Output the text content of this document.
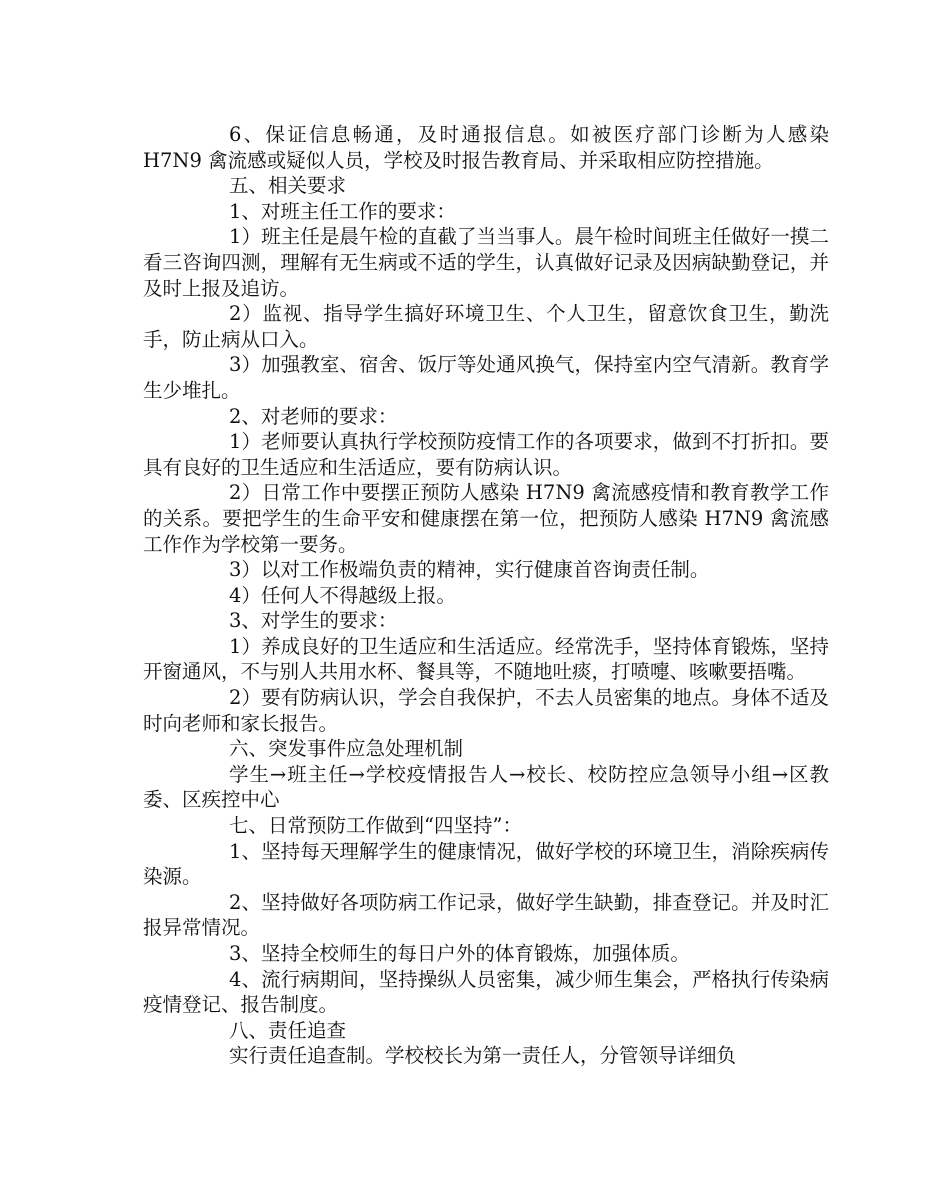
6、保证信息畅通，及时通报信息。如被医疗部门诊断为人感染 H7N9 禽流感或疑似人员，学校及时报告教育局、并采取相应防控措施。

五、相关要求

1、对班主任工作的要求：

1）班主任是晨午检的直截了当当事人。晨午检时间班主任做好一摸二看三咨询四测，理解有无生病或不适的学生，认真做好记录及因病缺勤登记，并及时上报及追访。

2）监视、指导学生搞好环境卫生、个人卫生，留意饮食卫生，勤洗手，防止病从口入。

3）加强教室、宿舍、饭厅等处通风换气，保持室内空气清新。教育学生少堆扎。

2、对老师的要求：

1）老师要认真执行学校预防疫情工作的各项要求，做到不打折扣。要具有良好的卫生适应和生活适应，要有防病认识。

2）日常工作中要摆正预防人感染 H7N9 禽流感疫情和教育教学工作的关系。要把学生的生命平安和健康摆在第一位，把预防人感染 H7N9 禽流感工作作为学校第一要务。

3）以对工作极端负责的精神，实行健康首咨询责任制。

4）任何人不得越级上报。

3、对学生的要求：

1）养成良好的卫生适应和生活适应。经常洗手，坚持体育锻炼，坚持开窗通风，不与别人共用水杯、餐具等，不随地吐痰，打喷嚏、咳嗽要捂嘴。

2）要有防病认识，学会自我保护，不去人员密集的地点。身体不适及时向老师和家长报告。

六、突发事件应急处理机制

学生→班主任→学校疫情报告人→校长、校防控应急领导小组→区教委、区疾控中心

七、日常预防工作做到“四坚持”：

1、坚持每天理解学生的健康情况，做好学校的环境卫生，消除疾病传染源。

2、坚持做好各项防病工作记录，做好学生缺勤，排查登记。并及时汇报异常情况。

3、坚持全校师生的每日户外的体育锻炼，加强体质。

4、流行病期间，坚持操纵人员密集，减少师生集会，严格执行传染病疫情登记、报告制度。

八、责任追查

实行责任追查制。学校校长为第一责任人，分管领导详细负
